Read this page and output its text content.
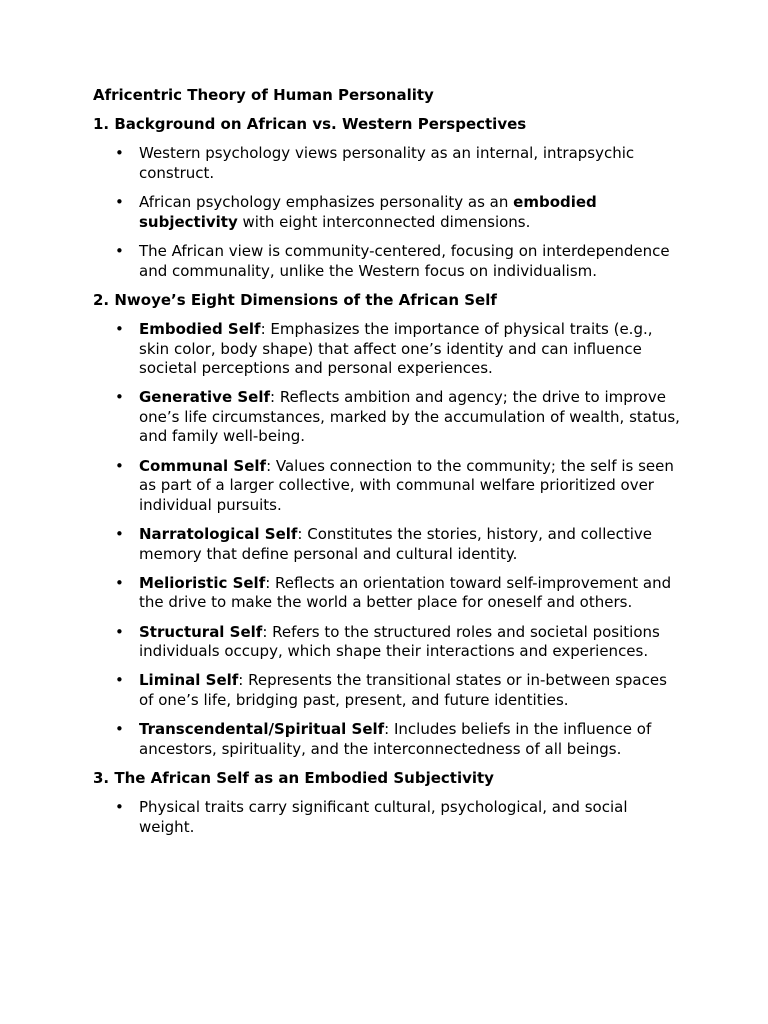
Africentric Theory of Human Personality
1. Background on African vs. Western Perspectives
• Western psychology views personality as an internal, intrapsychic construct.
• African psychology emphasizes personality as an embodied subjectivity with eight interconnected dimensions.
• The African view is community-centered, focusing on interdependence and communality, unlike the Western focus on individualism.
2. Nwoye’s Eight Dimensions of the African Self
• Embodied Self: Emphasizes the importance of physical traits (e.g., skin color, body shape) that affect one’s identity and can influence societal perceptions and personal experiences.
• Generative Self: Reflects ambition and agency; the drive to improve one’s life circumstances, marked by the accumulation of wealth, status, and family well-being.
• Communal Self: Values connection to the community; the self is seen as part of a larger collective, with communal welfare prioritized over individual pursuits.
• Narratological Self: Constitutes the stories, history, and collective memory that define personal and cultural identity.
• Melioristic Self: Reflects an orientation toward self-improvement and the drive to make the world a better place for oneself and others.
• Structural Self: Refers to the structured roles and societal positions individuals occupy, which shape their interactions and experiences.
• Liminal Self: Represents the transitional states or in-between spaces of one’s life, bridging past, present, and future identities.
• Transcendental/Spiritual Self: Includes beliefs in the influence of ancestors, spirituality, and the interconnectedness of all beings.
3. The African Self as an Embodied Subjectivity
• Physical traits carry significant cultural, psychological, and social weight.
